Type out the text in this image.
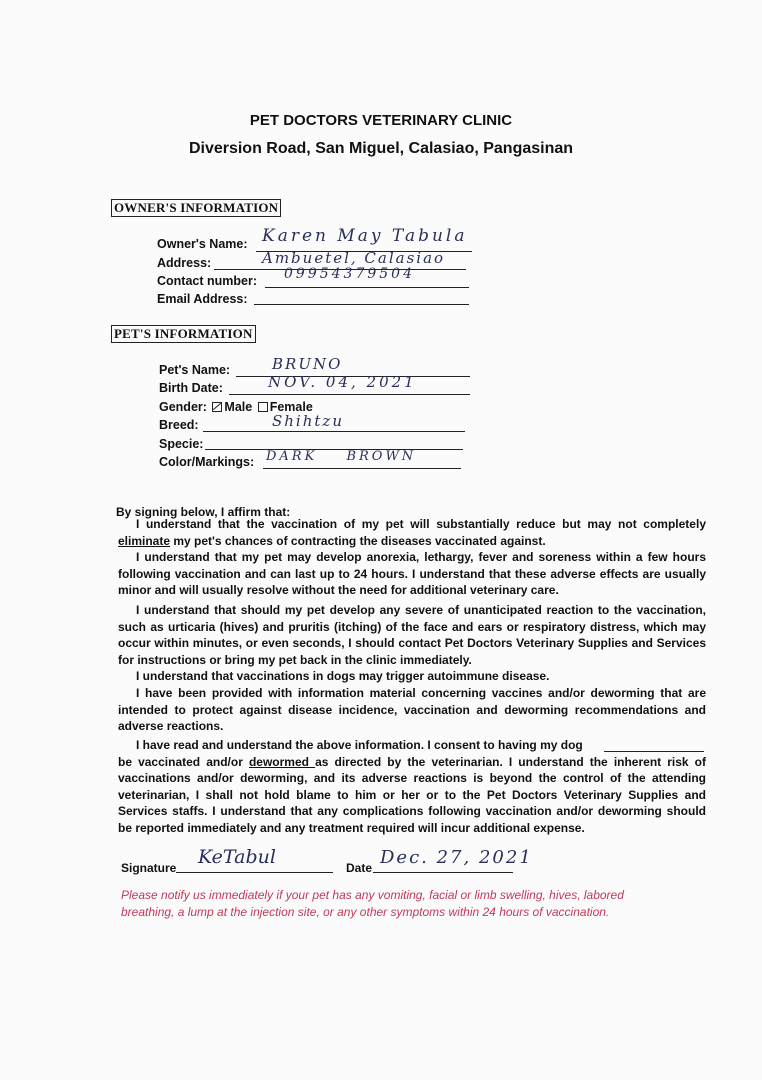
PET DOCTORS VETERINARY CLINIC
Diversion Road, San Miguel, Calasiao, Pangasinan
OWNER'S INFORMATION
Owner's Name: Karen May Tabula
Address:	Ambuetel, Calasiao
Contact number: 09954379504
Email Address:
PET'S INFORMATION
Pet's Name:	BRUNO
Birth Date:	NOV. 04, 2021
Gender: Male Female
Breed:	Shihtzu
Specie:
Color/Markings: DARK BROWN
By signing below, I affirm that:
I understand that the vaccination of my pet will substantially reduce but may not completely eliminate my pet's chances of contracting the diseases vaccinated against.
I understand that my pet may develop anorexia, lethargy, fever and soreness within a few hours following vaccination and can last up to 24 hours. I understand that these adverse effects are usually minor and will usually resolve without the need for additional veterinary care.
I understand that should my pet develop any severe of unanticipated reaction to the vaccination, such as urticaria (hives) and pruritis (itching) of the face and ears or respiratory distress, which may occur within minutes, or even seconds, I should contact Pet Doctors Veterinary Supplies and Services for instructions or bring my pet back in the clinic immediately.
I understand that vaccinations in dogs may trigger autoimmune disease.
I have been provided with information material concerning vaccines and/or deworming that are intended to protect against disease incidence, vaccination and deworming recommendations and adverse reactions.
I have read and understand the above information. I consent to having my dog

be vaccinated and/or dewormed as directed by the veterinarian. I understand the inherent risk of vaccinations and/or deworming, and its adverse reactions is beyond the control of the attending veterinarian, I shall not hold blame to him or her or to the Pet Doctors Veterinary Supplies and Services staffs. I understand that any complications following vaccination and/or deworming should be reported immediately and any treatment required will incur additional expense.
Signature KeTabul	Date Dec. 27, 2021
Please notify us immediately if your pet has any vomiting, facial or limb swelling, hives, labored breathing, a lump at the injection site, or any other symptoms within 24 hours of vaccination.
